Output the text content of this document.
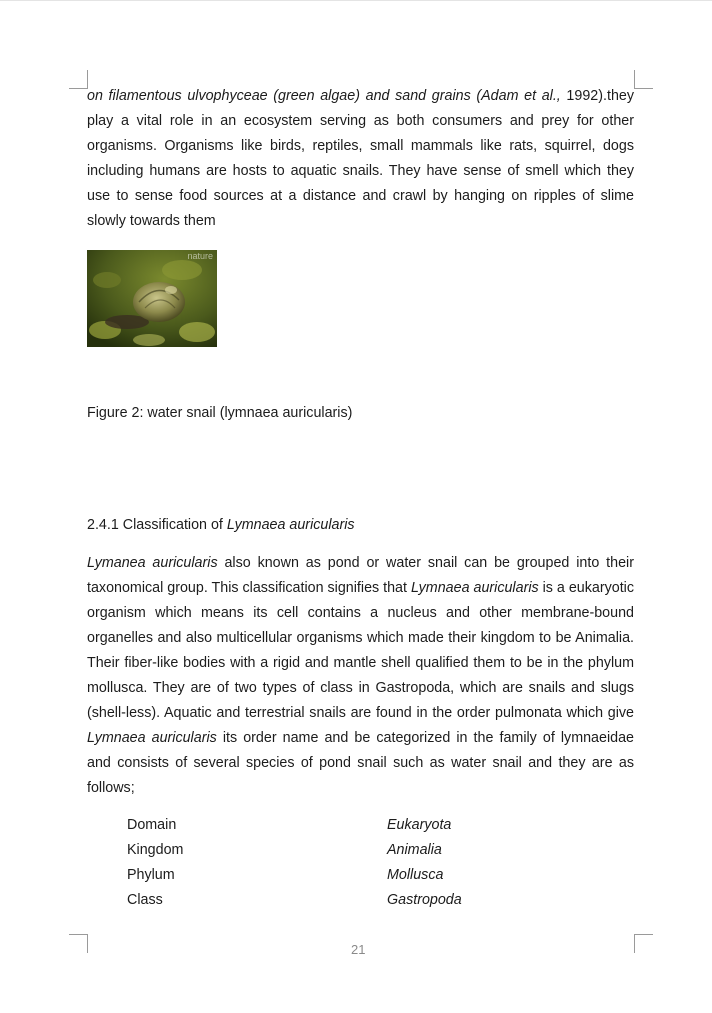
on filamentous ulvophyceae (green algae) and sand grains (Adam et al., 1992).they play a vital role in an ecosystem serving as both consumers and prey for other organisms. Organisms like birds, reptiles, small mammals like rats, squirrel, dogs including humans are hosts to aquatic snails. They have sense of smell which they use to sense food sources at a distance and crawl by hanging on ripples of slime slowly towards them

nature
Figure 2: water snail (lymnaea auricularis)
2.4.1 Classification of Lymnaea auricularis

Lymanea auricularis also known as pond or water snail can be grouped into their taxonomical group. This classification signifies that Lymnaea auricularis is a eukaryotic organism which means its cell contains a nucleus and other membrane-bound organelles and also multicellular organisms which made their kingdom to be Animalia. Their fiber-like bodies with a rigid and mantle shell qualified them to be in the phylum mollusca. They are of two types of class in Gastropoda, which are snails and slugs (shell-less). Aquatic and terrestrial snails are found in the order pulmonata which give Lymnaea auricularis its order name and be categorized in the family of lymnaeidae and consists of several species of pond snail such as water snail and they are as follows;

Domain	Eukaryota
Kingdom	Animalia
Phylum	Mollusca
Class	Gastropoda
21
